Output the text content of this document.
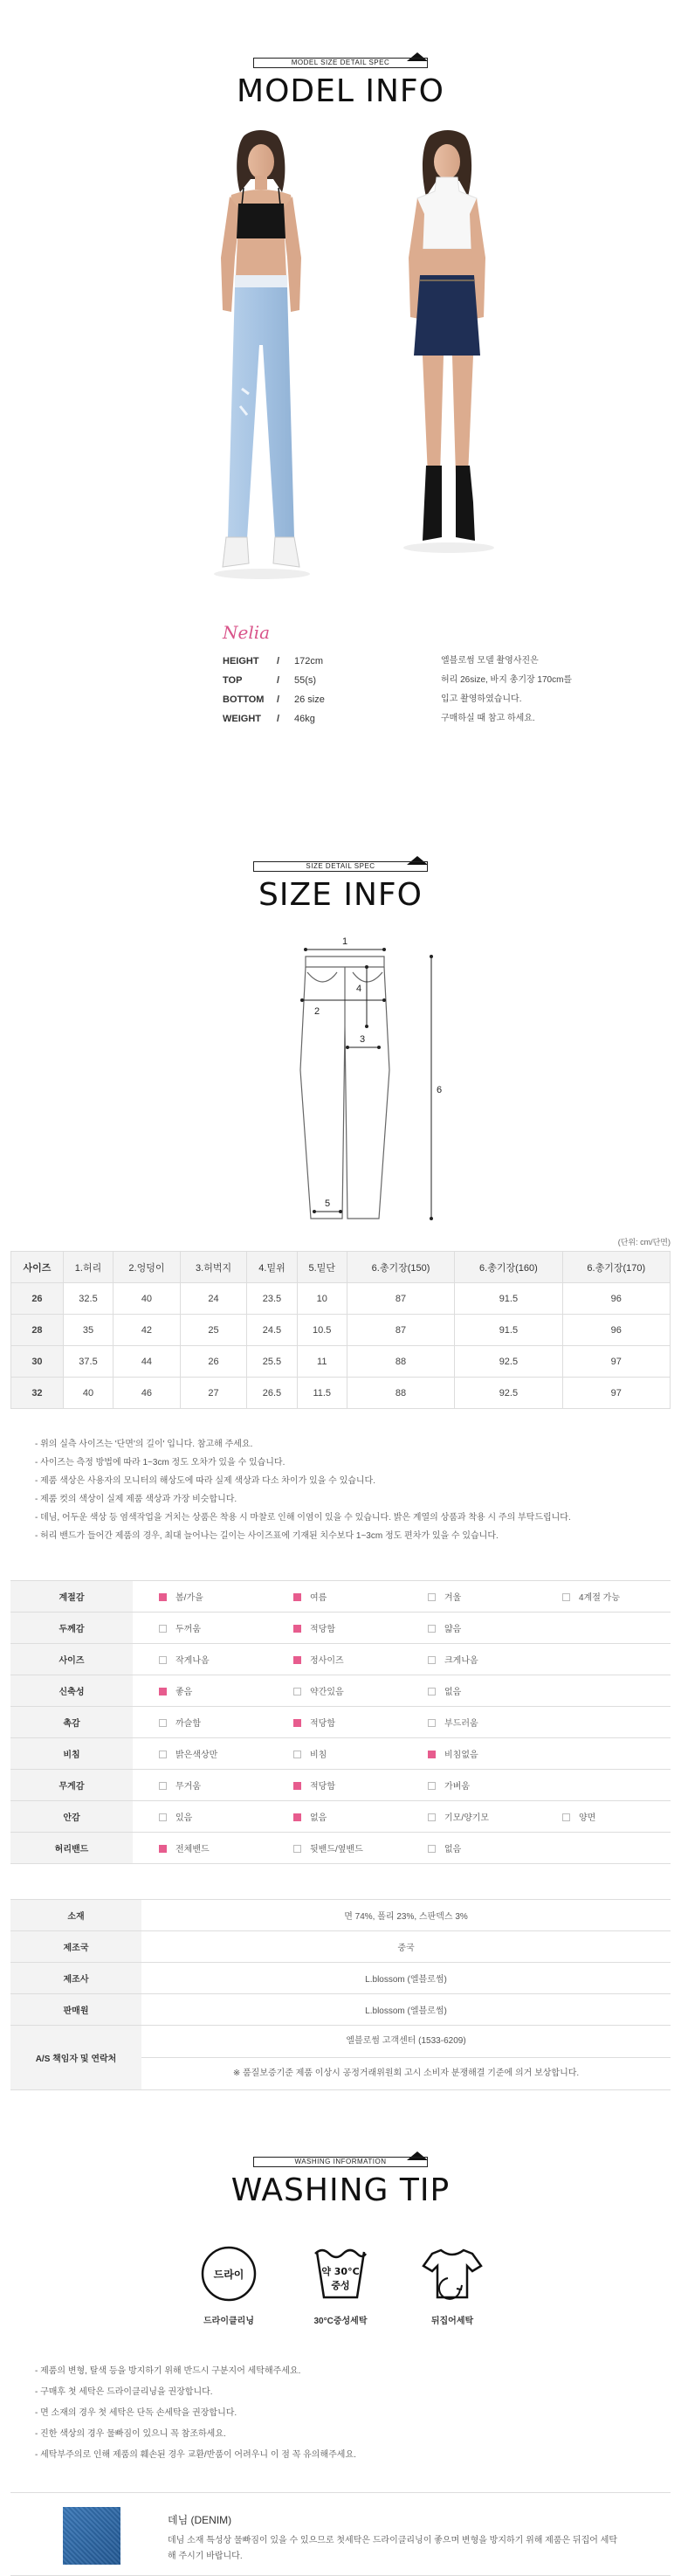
MODEL SIZE DETAIL SPEC
MODEL INFO
Nelia
HEIGHT	/	172cm
TOP	/	55(s)
BOTTOM	/	26 size
WEIGHT	/	46kg
엘블로썸 모델 촬영사진은
허리 26size, 바지 총기장 170cm를
입고 촬영하였습니다.
구매하실 때 참고 하세요.
SIZE DETAIL SPEC
SIZE INFO
1
2
3
4
5
6
(단위: cm/단면)
사이즈	1.허리	2.엉덩이	3.허벅지	4.밑위	5.밑단	6.총기장(150)	6.총기장(160)	6.총기장(170)
26	32.5	40	24	23.5	10	87	91.5	96
28	35	42	25	24.5	10.5	87	91.5	96
30	37.5	44	26	25.5	11	88	92.5	97
32	40	46	27	26.5	11.5	88	92.5	97
- 위의 실측 사이즈는 '단면'의 길이' 입니다. 참고해 주세요.
- 사이즈는 측정 방법에 따라 1~3cm 정도 오차가 있을 수 있습니다.
- 제품 색상은 사용자의 모니터의 해상도에 따라 실제 색상과 다소 차이가 있을 수 있습니다.
- 제품 컷의 색상이 실제 제품 색상과 가장 비슷합니다.
- 데님, 어두운 색상 등 염색작업을 거치는 상품은 착용 시 마찰로 인해 이염이 있을 수 있습니다. 밝은 계열의 상품과 착용 시 주의 부탁드립니다.
- 허리 밴드가 들어간 제품의 경우, 최대 늘어나는 길이는 사이즈표에 기재된 치수보다 1~3cm 정도 편차가 있을 수 있습니다.
계절감	봄/가을	여름	겨울	4계절 가능
두께감	두꺼움	적당함	얇음	
사이즈	작게나옴	정사이즈	크게나옴	
신축성	좋음	약간있음	없음	
촉감	까슬함	적당함	부드러움	
비침	밝은색상만	비침	비침없음	
무게감	무거움	적당함	가벼움	
안감	있음	없음	기모/양기모	양면
허리밴드	전체밴드	뒷밴드/옆밴드	없음	
소재	면 74%, 폴리 23%, 스판덱스 3%
제조국	중국
제조사	L.blossom (엘블로썸)
판매원	L.blossom (엘블로썸)
A/S 책임자 및 연락처	엘블로썸 고객센터 (1533-6209)
※ 품질보증기준 제품 이상시 공정거래위원회 고시 소비자 분쟁해결 기준에 의거 보상합니다.
WASHING INFORMATION
WASHING TIP
드라이
드라이클리닝
약 30°C
중성
30°C중성세탁	뒤집어세탁
- 제품의 변형, 탈색 등을 방지하기 위해 반드시 구분지어 세탁해주세요.
- 구매후 첫 세탁은 드라이클리닝을 권장합니다.
- 면 소재의 경우 첫 세탁은 단독 손세탁을 권장합니다.
- 진한 색상의 경우 물빠짐이 있으니 꼭 참조하세요.
- 세탁부주의로 인해 제품의 훼손된 경우 교환/반품이 어려우니 이 점 꼭 유의해주세요.
데님 (DENIM)
데님 소재 특성상 물빠짐이 있을 수 있으므로 첫세탁은 드라이클리닝이 좋으며 변형을 방지하기 위해 제품은 뒤집어 세탁해 주시기 바랍니다.
